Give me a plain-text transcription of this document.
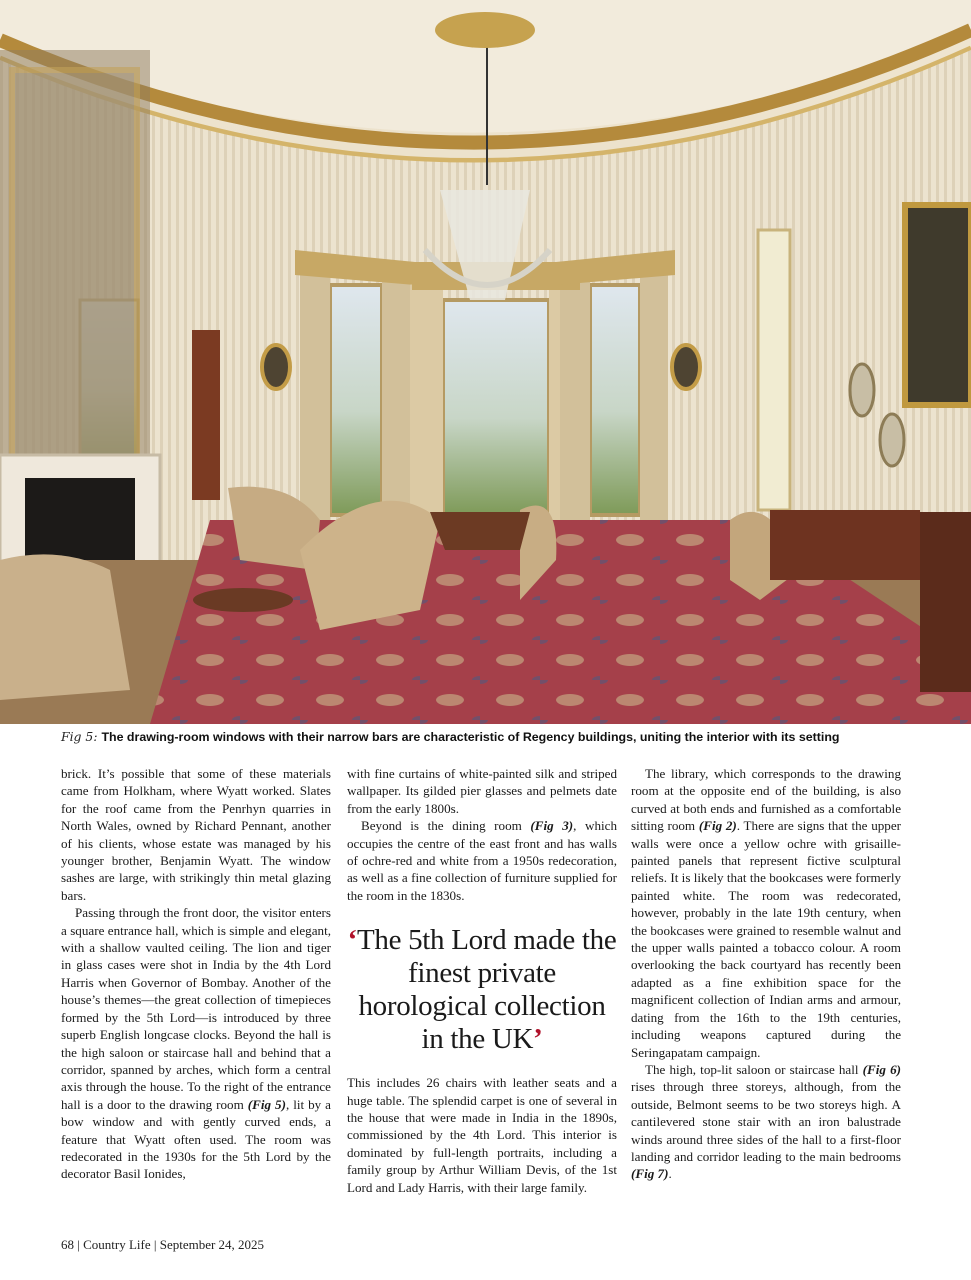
Fig 5: The drawing-room windows with their narrow bars are characteristic of Regency buildings, uniting the interior with its setting

brick. It’s possible that some of these materials came from Holkham, where Wyatt worked. Slates for the roof came from the Penrhyn quarries in North Wales, owned by Richard Pennant, another of his clients, whose estate was managed by his younger brother, Benjamin Wyatt. The window sashes are large, with strikingly thin metal glazing bars.

Passing through the front door, the visitor enters a square entrance hall, which is simple and elegant, with a shallow vaulted ceiling. The lion and tiger in glass cases were shot in India by the 4th Lord Harris when Governor of Bombay. Another of the house’s themes—the great collection of timepieces formed by the 5th Lord—is introduced by three superb English longcase clocks. Beyond the hall is the high saloon or staircase hall and behind that a corridor, spanned by arches, which form a central axis through the house. To the right of the entrance hall is a door to the drawing room (Fig 5), lit by a bow window and with gently curved ends, a feature that Wyatt often used. The room was redecorated in the 1930s for the 5th Lord by the decorator Basil Ionides,

with fine curtains of white-painted silk and striped wallpaper. Its gilded pier glasses and pelmets date from the early 1800s.

Beyond is the dining room (Fig 3), which occupies the centre of the east front and has walls of ochre-red and white from a 1950s redecoration, as well as a fine collection of furniture supplied for the room in the 1830s.

‘The 5th Lord made the finest private horological collection in the UK’

This includes 26 chairs with leather seats and a huge table. The splendid carpet is one of several in the house that were made in India in the 1890s, commissioned by the 4th Lord. This interior is dominated by full-length portraits, including a family group by Arthur William Devis, of the 1st Lord and Lady Harris, with their large family.

The library, which corresponds to the drawing room at the opposite end of the building, is also curved at both ends and furnished as a comfortable sitting room (Fig 2). There are signs that the upper walls were once a yellow ochre with grisaille-painted panels that represent fictive sculptural reliefs. It is likely that the bookcases were formerly painted white. The room was redecorated, however, probably in the late 19th century, when the bookcases were grained to resemble walnut and the upper walls painted a tobacco colour. A room overlooking the back courtyard has recently been adapted as a fine exhibition space for the magnificent collection of Indian arms and armour, dating from the 16th to the 19th centuries, including weapons captured during the Seringapatam campaign.

The high, top-lit saloon or staircase hall (Fig 6) rises through three storeys, although, from the outside, Belmont seems to be two storeys high. A cantilevered stone stair with an iron balustrade winds around three sides of the hall to a first-floor landing and corridor leading to the main bedrooms (Fig 7).

68 | Country Life | September 24, 2025
